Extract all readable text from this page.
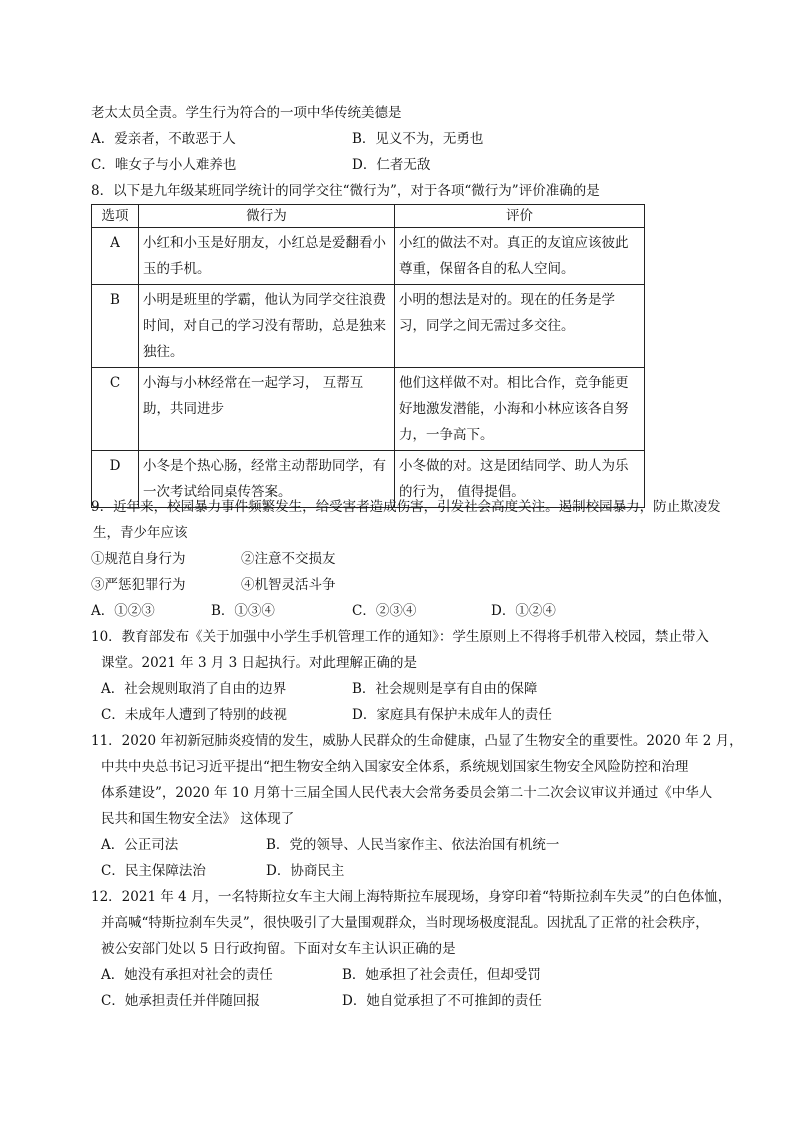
老太太员全责。学生行为符合的一项中华传统美德是
A．爱亲者，不敢恶于人	B．见义不为，无勇也
C．唯女子与小人难养也	D．仁者无敌
8．以下是九年级某班同学统计的同学交往“微行为”，对于各项“微行为”评价准确的是
选项	微行为	评价
A	小红和小玉是好朋友，小红总是爱翻看小玉的手机。	小红的做法不对。真正的友谊应该彼此尊重，保留各自的私人空间。
B	小明是班里的学霸，他认为同学交往浪费时间，对自己的学习没有帮助，总是独来独往。	小明的想法是对的。现在的任务是学习，同学之间无需过多交往。
C	小海与小林经常在一起学习， 互帮互助，共同进步	他们这样做不对。相比合作，竞争能更好地激发潜能，小海和小林应该各自努力，一争高下。
D	小冬是个热心肠，经常主动帮助同学，有一次考试给同桌传答案。	小冬做的对。这是团结同学、助人为乐的行为， 值得提倡。
9．近年来，校园暴力事件频繁发生，给受害者造成伤害，引发社会高度关注。遏制校园暴力，防止欺凌发
生，青少年应该
①规范自身行为	②注意不交损友
③严惩犯罪行为	④机智灵活斗争
A．①②③	B．①③④	C．②③④	D．①②④
10．教育部发布《关于加强中小学生手机管理工作的通知》：学生原则上不得将手机带入校园，禁止带入
课堂。2021 年 3 月 3 日起执行。对此理解正确的是
A．社会规则取消了自由的边界	B．社会规则是享有自由的保障
C．未成年人遭到了特别的歧视	D．家庭具有保护未成年人的责任
11．2020 年初新冠肺炎疫情的发生，威胁人民群众的生命健康，凸显了生物安全的重要性。2020 年 2 月，
中共中央总书记习近平提出“把生物安全纳入国家安全体系，系统规划国家生物安全风险防控和治理
体系建设”，2020 年 10 月第十三届全国人民代表大会常务委员会第二十二次会议审议并通过《中华人
民共和国生物安全法》 这体现了
A．公正司法	B．党的领导、人民当家作主、依法治国有机统一
C．民主保障法治	D．协商民主
12．2021 年 4 月，一名特斯拉女车主大闹上海特斯拉车展现场，身穿印着“特斯拉刹车失灵”的白色体恤，
并高喊“特斯拉刹车失灵”，很快吸引了大量围观群众，当时现场极度混乱。因扰乱了正常的社会秩序，
被公安部门处以 5 日行政拘留。下面对女车主认识正确的是
A．她没有承担对社会的责任	B．她承担了社会责任，但却受罚
C．她承担责任并伴随回报	D．她自觉承担了不可推卸的责任
